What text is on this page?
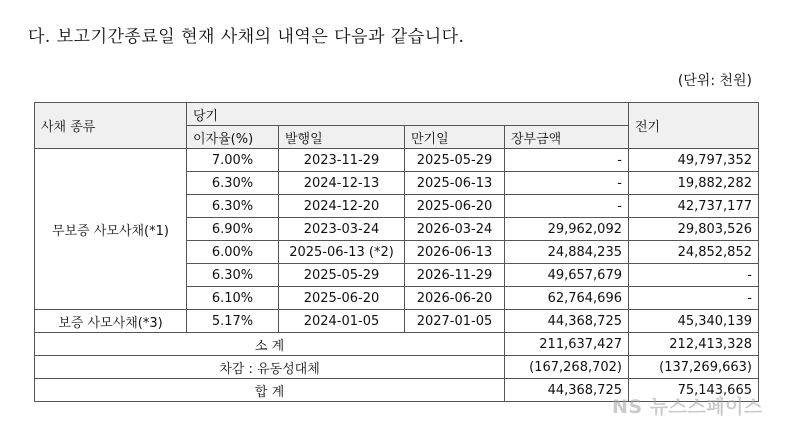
다. 보고기간종료일 현재 사채의 내역은 다음과 같습니다.
(단위: 천원)
사채 종류	당기				전기
	이자율(%)	발행일	만기일	장부금액	
무보증 사모사채(*1)	7.00%	2023-11-29	2025-05-29	-	49,797,352
	6.30%	2024-12-13	2025-06-13	-	19,882,282
	6.30%	2024-12-20	2025-06-20	-	42,737,177
	6.90%	2023-03-24	2026-03-24	29,962,092	29,803,526
	6.00%	2025-06-13 (*2)	2026-06-13	24,884,235	24,852,852
	6.30%	2025-05-29	2026-11-29	49,657,679	-
	6.10%	2025-06-20	2026-06-20	62,764,696	-
보증 사모사채(*3)	5.17%	2024-01-05	2027-01-05	44,368,725	45,340,139
소 계				211,637,427	212,413,328
차감 : 유동성대체				(167,268,702)	(137,269,663)
합 계				44,368,725	75,143,665
NS 뉴스스페이스
